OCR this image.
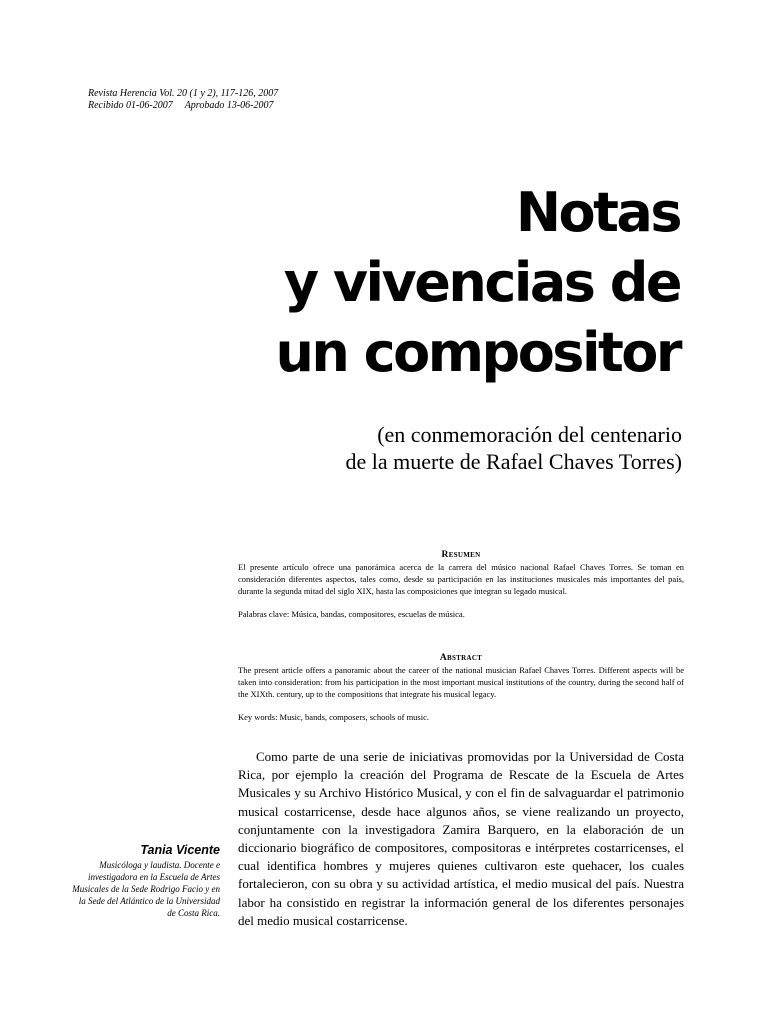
Revista Herencia Vol. 20 (1 y 2), 117-126, 2007
Recibido 01-06-2007 Aprobado 13-06-2007
Notas
y vivencias de
un compositor
(en conmemoración del centenario
de la muerte de Rafael Chaves Torres)
Resumen
El presente artículo ofrece una panorámica acerca de la carrera del músico nacional Rafael Chaves Torres. Se toman en consideración diferentes aspectos, tales como, desde su participación en las instituciones musicales más importantes del país, durante la segunda mitad del siglo XIX, hasta las composiciones que integran su legado musical.
Palabras clave: Música, bandas, compositores, escuelas de música.
Abstract
The present article offers a panoramic about the career of the national musician Rafael Chaves Torres. Different aspects will be taken into consideration: from his participation in the most important musical institutions of the country, during the second half of the XIXth. century, up to the compositions that integrate his musical legacy.
Key words: Music, bands, composers, schools of music.
Tania Vicente
Musicóloga y laudista. Docente e investigadora en la Escuela de Artes Musicales de la Sede Rodrigo Facio y en la Sede del Atlántico de la Universidad de Costa Rica.
Como parte de una serie de iniciativas promovidas por la Universidad de Costa Rica, por ejemplo la creación del Programa de Rescate de la Escuela de Artes Musicales y su Archivo Histórico Musical, y con el fin de salvaguardar el patrimonio musical costarricense, desde hace algunos años, se viene realizando un proyecto, conjuntamente con la investigadora Zamira Barquero, en la elaboración de un diccionario biográfico de compositores, compositoras e intérpretes costarricenses, el cual identifica hombres y mujeres quienes cultivaron este quehacer, los cuales fortalecieron, con su obra y su actividad artística, el medio musical del país. Nuestra labor ha consistido en registrar la información general de los diferentes personajes del medio musical costarricense.
